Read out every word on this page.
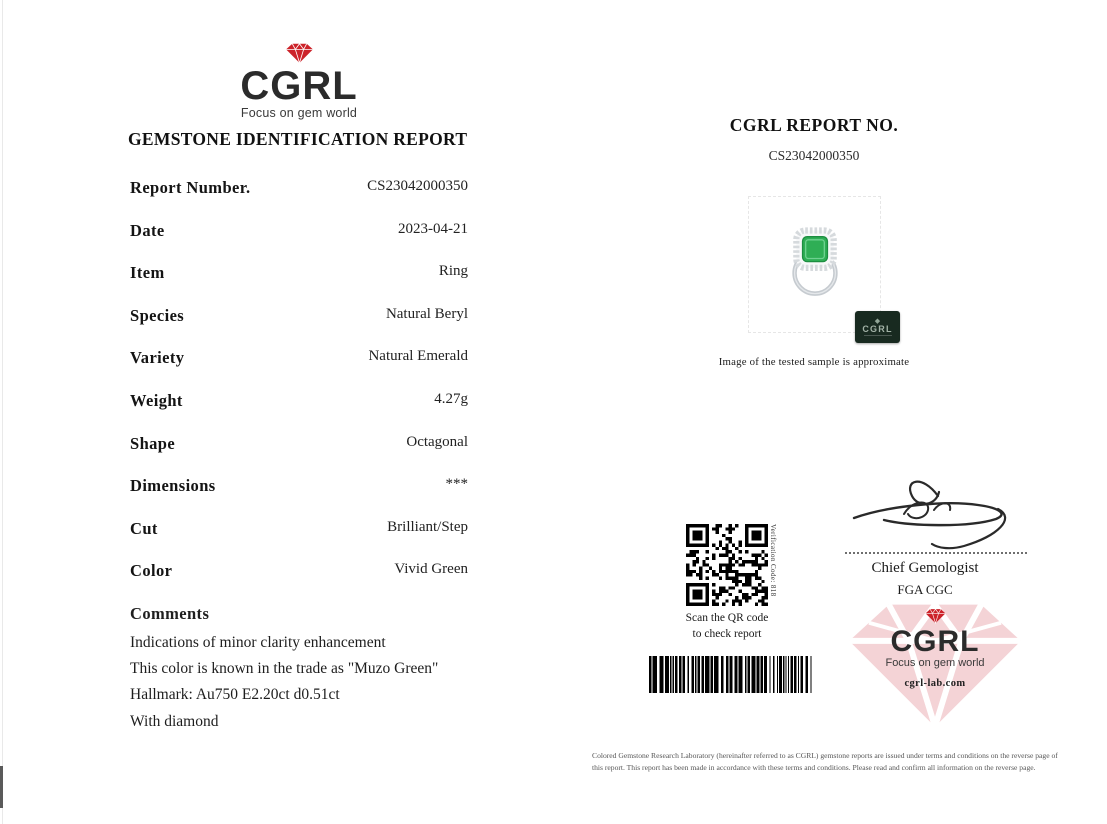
CGRL
Focus on gem world
GEMSTONE IDENTIFICATION REPORT
Report Number.	CS23042000350
Date	2023-04-21
Item	Ring
Species	Natural Beryl
Variety	Natural Emerald
Weight	4.27g
Shape	Octagonal
Dimensions	***
Cut	Brilliant/Step
Color	Vivid Green
Comments
Indications of minor clarity enhancement
This color is known in the trade as "Muzo Green"
Hallmark: Au750 E2.20ct d0.51ct
With diamond
CGRL REPORT NO.
CS23042000350
◆
CGRL
Image of the tested sample is approximate
Verification Code: 818
Scan the QR code
to check report
Chief Gemologist
FGA CGC
CGRL
Focus on gem world
cgrl-lab.com
Colored Gemstone Research Laboratory (hereinafter referred to as CGRL) gemstone reports are issued under terms and conditions on the reverse page of
this report. This report has been made in accordance with these terms and conditions. Please read and confirm all information on the reverse page.
